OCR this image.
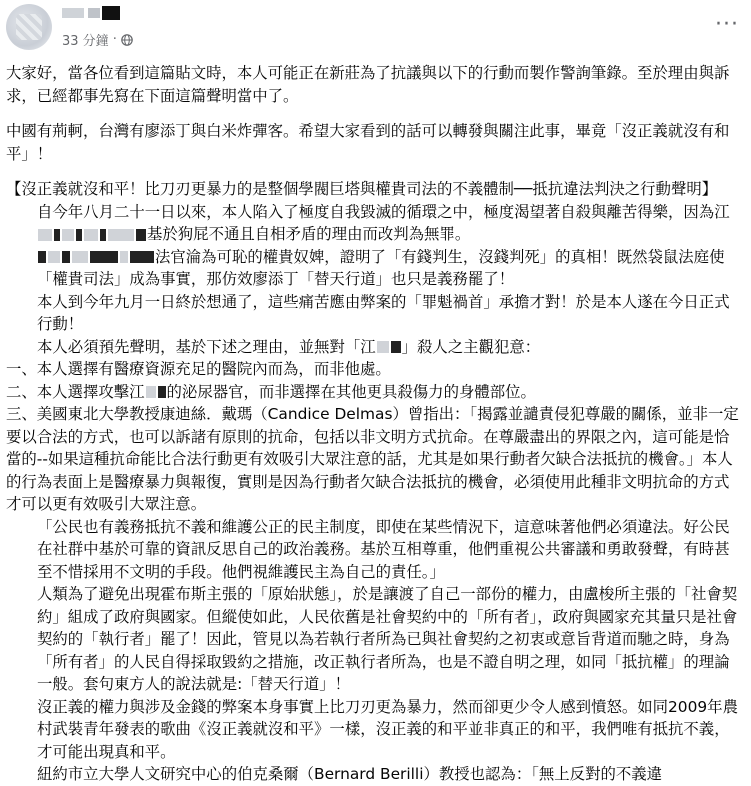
33 分鐘 ·
···

大家好，當各位看到這篇貼文時，本人可能正在新莊為了抗議與以下的行動而製作警詢筆錄。至於理由與訴求，已經都事先寫在下面這篇聲明當中了。

中國有荊軻，台灣有廖添丁與白米炸彈客。希望大家看到的話可以轉發與關注此事，畢竟「沒正義就沒有和平」！

【沒正義就沒和平！比刀刃更暴力的是整個學閥巨塔與權貴司法的不義體制──抵抗違法判決之行動聲明】

自今年八月二十一日以來，本人陷入了極度自我毀滅的循環之中，極度渴望著自殺與離苦得樂，因為江基於狗屁不通且自相矛盾的理由而改判為無罪。

法官淪為可恥的權貴奴婢，證明了「有錢判生，沒錢判死」的真相！既然袋鼠法庭使「權貴司法」成為事實，那仿效廖添丁「替天行道」也只是義務罷了！

本人到今年九月一日終於想通了，這些痛苦應由弊案的「罪魁禍首」承擔才對！於是本人遂在今日正式行動！

本人必須預先聲明，基於下述之理由，並無對「江 」殺人之主觀犯意：

一、本人選擇有醫療資源充足的醫院內而為，而非他處。

二、本人選擇攻擊江 的泌尿器官，而非選擇在其他更具殺傷力的身體部位。

三、美國東北大學教授康迪絲．戴瑪（Candice Delmas）曾指出：「揭露並譴責侵犯尊嚴的關係，並非一定要以合法的方式，也可以訴諸有原則的抗命，包括以非文明方式抗命。在尊嚴盡出的界限之內，這可能是恰當的--如果這種抗命能比合法行動更有效吸引大眾注意的話，尤其是如果行動者欠缺合法抵抗的機會。」本人的行為表面上是醫療暴力與報復，實則是因為行動者欠缺合法抵抗的機會，必須使用此種非文明抗命的方式才可以更有效吸引大眾注意。

「公民也有義務抵抗不義和維護公正的民主制度，即使在某些情況下，這意味著他們必須違法。好公民在社群中基於可靠的資訊反思自己的政治義務。基於互相尊重，他們重視公共審議和勇敢發聲，有時甚至不惜採用不文明的手段。他們視維護民主為自己的責任。」

人類為了避免出現霍布斯主張的「原始狀態」，於是讓渡了自己一部份的權力，由盧梭所主張的「社會契約」組成了政府與國家。但縱使如此，人民依舊是社會契約中的「所有者」，政府與國家充其量只是社會契約的「執行者」罷了！因此，管見以為若執行者所為已與社會契約之初衷或意旨背道而馳之時，身為「所有者」的人民自得採取毀約之措施，改正執行者所為，也是不證自明之理，如同「抵抗權」的理論一般。套句東方人的說法就是:「替天行道」！

沒正義的權力與涉及金錢的弊案本身事實上比刀刃更為暴力，然而卻更少令人感到憤怒。如同2009年農村武裝青年發表的歌曲《沒正義就沒和平》一樣，沒正義的和平並非真正的和平，我們唯有抵抗不義，才可能出現真和平。

紐約市立大學人文研究中心的伯克桑爾（Bernard Berilli）教授也認為：「無上反對的不義違
